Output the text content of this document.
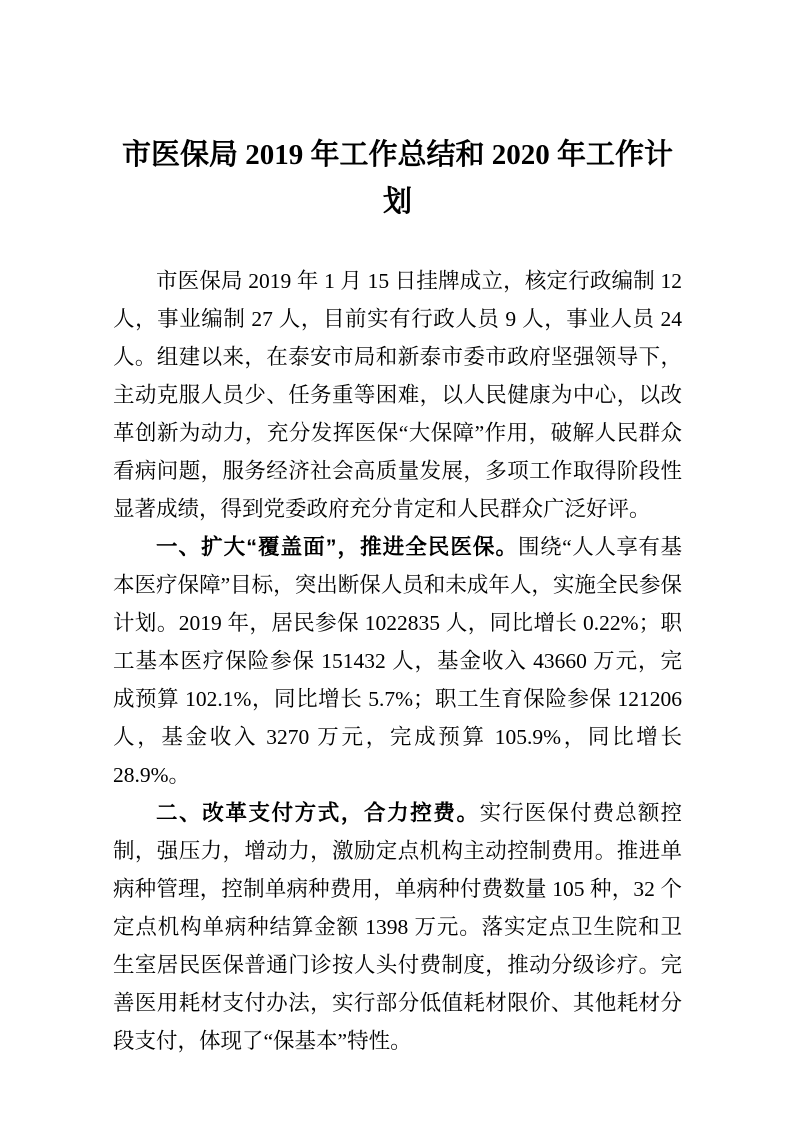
市医保局 2019 年工作总结和 2020 年工作计划

市医保局 2019 年 1 月 15 日挂牌成立，核定行政编制 12 人，事业编制 27 人，目前实有行政人员 9 人，事业人员 24 人。组建以来，在泰安市局和新泰市委市政府坚强领导下，主动克服人员少、任务重等困难，以人民健康为中心，以改革创新为动力，充分发挥医保“大保障”作用，破解人民群众看病问题，服务经济社会高质量发展，多项工作取得阶段性显著成绩，得到党委政府充分肯定和人民群众广泛好评。

一、扩大“覆盖面”，推进全民医保。围绕“人人享有基本医疗保障”目标，突出断保人员和未成年人，实施全民参保计划。2019 年，居民参保 1022835 人，同比增长 0.22%；职工基本医疗保险参保 151432 人，基金收入 43660 万元，完成预算 102.1%，同比增长 5.7%；职工生育保险参保 121206 人，基金收入 3270 万元，完成预算 105.9%，同比增长 28.9%。

二、改革支付方式，合力控费。实行医保付费总额控制，强压力，增动力，激励定点机构主动控制费用。推进单病种管理，控制单病种费用，单病种付费数量 105 种，32 个定点机构单病种结算金额 1398 万元。落实定点卫生院和卫生室居民医保普通门诊按人头付费制度，推动分级诊疗。完善医用耗材支付办法，实行部分低值耗材限价、其他耗材分段支付，体现了“保基本”特性。
